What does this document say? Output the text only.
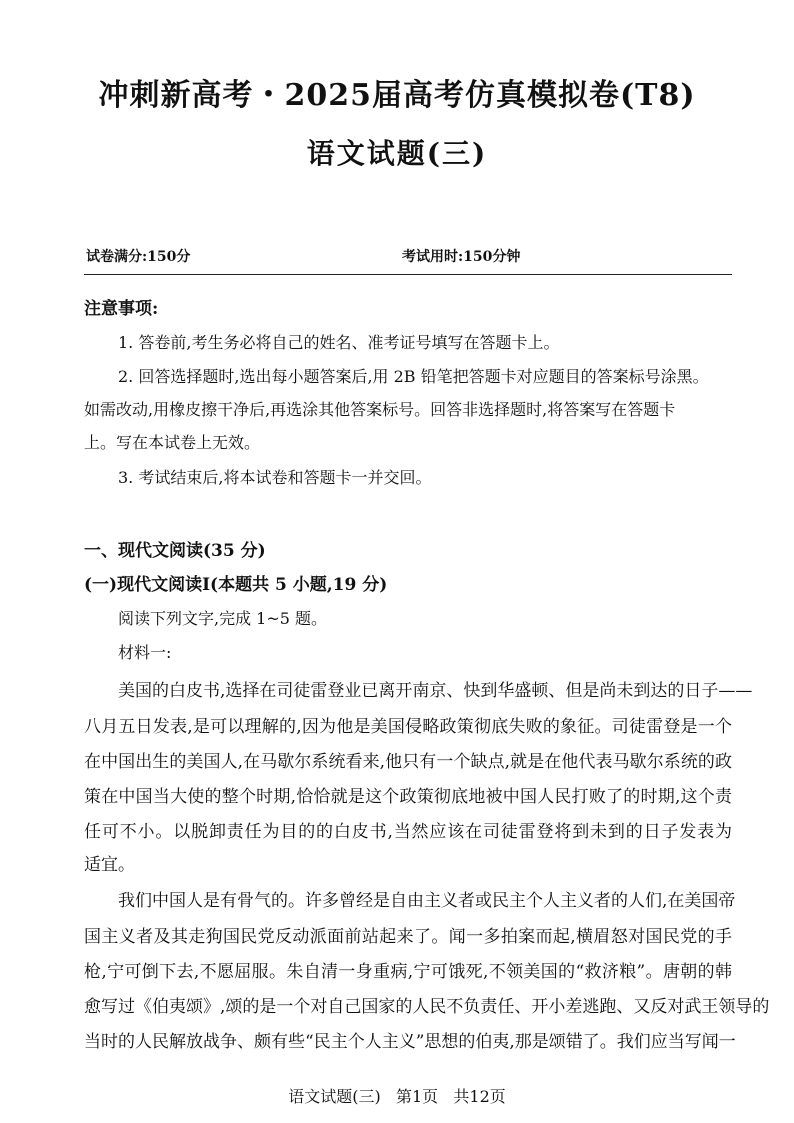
冲刺新高考・2025届高考仿真模拟卷(T8)
语文试题(三)
试卷满分:150分	考试用时:150分钟
注意事项:
1. 答卷前,考生务必将自己的姓名、准考证号填写在答题卡上。
2. 回答选择题时,选出每小题答案后,用 2B 铅笔把答题卡对应题目的答案标号涂黑。
如需改动,用橡皮擦干净后,再选涂其他答案标号。回答非选择题时,将答案写在答题卡
上。写在本试卷上无效。
3. 考试结束后,将本试卷和答题卡一并交回。
一、现代文阅读(35 分)
(一)现代文阅读Ⅰ(本题共 5 小题,19 分)
阅读下列文字,完成 1~5 题。
材料一:
美国的白皮书,选择在司徒雷登业已离开南京、快到华盛顿、但是尚未到达的日子——
八月五日发表,是可以理解的,因为他是美国侵略政策彻底失败的象征。司徒雷登是一个
在中国出生的美国人,在马歇尔系统看来,他只有一个缺点,就是在他代表马歇尔系统的政
策在中国当大使的整个时期,恰恰就是这个政策彻底地被中国人民打败了的时期,这个责
任可不小。以脱卸责任为目的的白皮书,当然应该在司徒雷登将到未到的日子发表为
适宜。
我们中国人是有骨气的。许多曾经是自由主义者或民主个人主义者的人们,在美国帝
国主义者及其走狗国民党反动派面前站起来了。闻一多拍案而起,横眉怒对国民党的手
枪,宁可倒下去,不愿屈服。朱自清一身重病,宁可饿死,不领美国的“救济粮”。唐朝的韩
愈写过《伯夷颂》,颂的是一个对自己国家的人民不负责任、开小差逃跑、又反对武王领导的
当时的人民解放战争、颇有些“民主个人主义”思想的伯夷,那是颂错了。我们应当写闻一
语文试题(三) 第1页 共12页
